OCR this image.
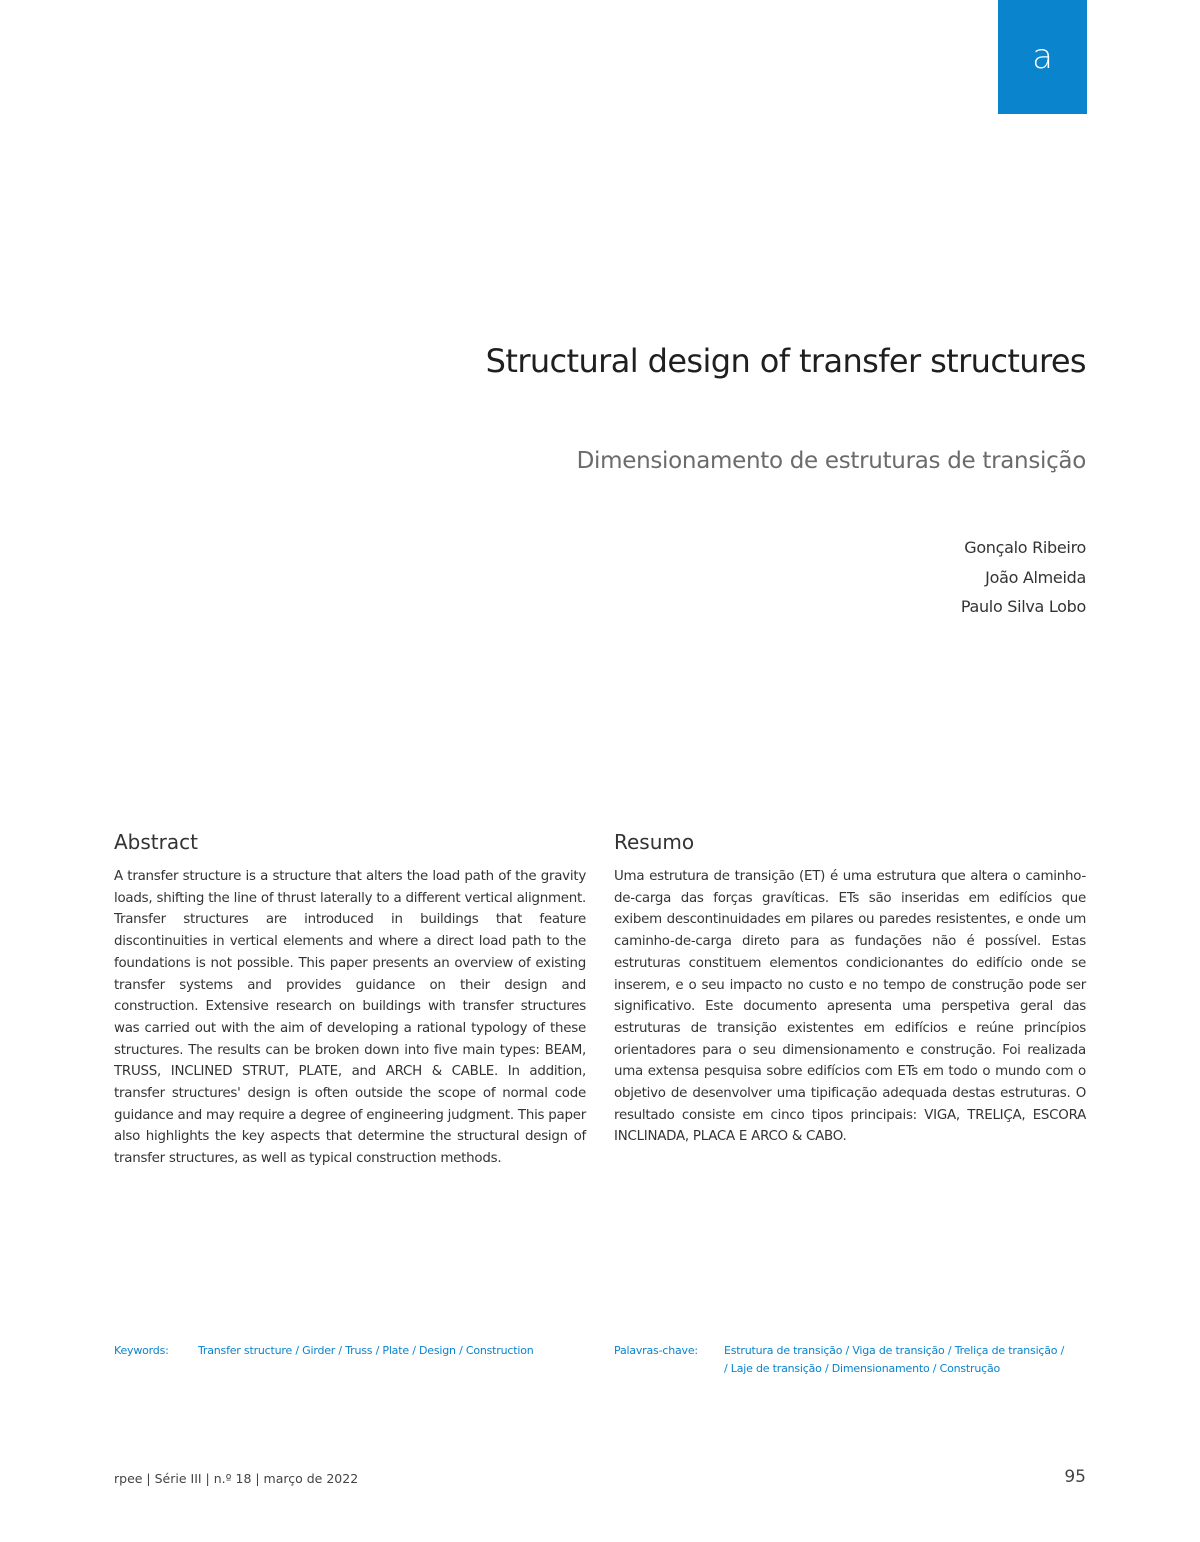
a
Structural design of transfer structures
Dimensionamento de estruturas de transição
Gonçalo Ribeiro
João Almeida
Paulo Silva Lobo
Abstract

A transfer structure is a structure that alters the load path of the gravity loads, shifting the line of thrust laterally to a different vertical alignment. Transfer structures are introduced in buildings that feature discontinuities in vertical elements and where a direct load path to the foundations is not possible. This paper presents an overview of existing transfer systems and provides guidance on their design and construction. Extensive research on buildings with transfer structures was carried out with the aim of developing a rational typology of these structures. The results can be broken down into five main types: BEAM, TRUSS, INCLINED STRUT, PLATE, and ARCH & CABLE. In addition, transfer structures' design is often outside the scope of normal code guidance and may require a degree of engineering judgment. This paper also highlights the key aspects that determine the structural design of transfer structures, as well as typical construction methods.

Resumo

Uma estrutura de transição (ET) é uma estrutura que altera o caminho-de-carga das forças gravíticas. ETs são inseridas em edifícios que exibem descontinuidades em pilares ou paredes resistentes, e onde um caminho-de-carga direto para as fundações não é possível. Estas estruturas constituem elementos condicionantes do edifício onde se inserem, e o seu impacto no custo e no tempo de construção pode ser significativo. Este documento apresenta uma perspetiva geral das estruturas de transição existentes em edifícios e reúne princípios orientadores para o seu dimensionamento e construção. Foi realizada uma extensa pesquisa sobre edifícios com ETs em todo o mundo com o objetivo de desenvolver uma tipificação adequada destas estruturas. O resultado consiste em cinco tipos principais: VIGA, TRELIÇA, ESCORA INCLINADA, PLACA E ARCO & CABO.

Keywords:	Transfer structure / Girder / Truss / Plate / Design / Construction	Palavras-chave: Estrutura de transição / Viga de transição / Treliça de transição /
/ Laje de transição / Dimensionamento / Construção
rpee | Série III | n.º 18 | março de 2022	95
